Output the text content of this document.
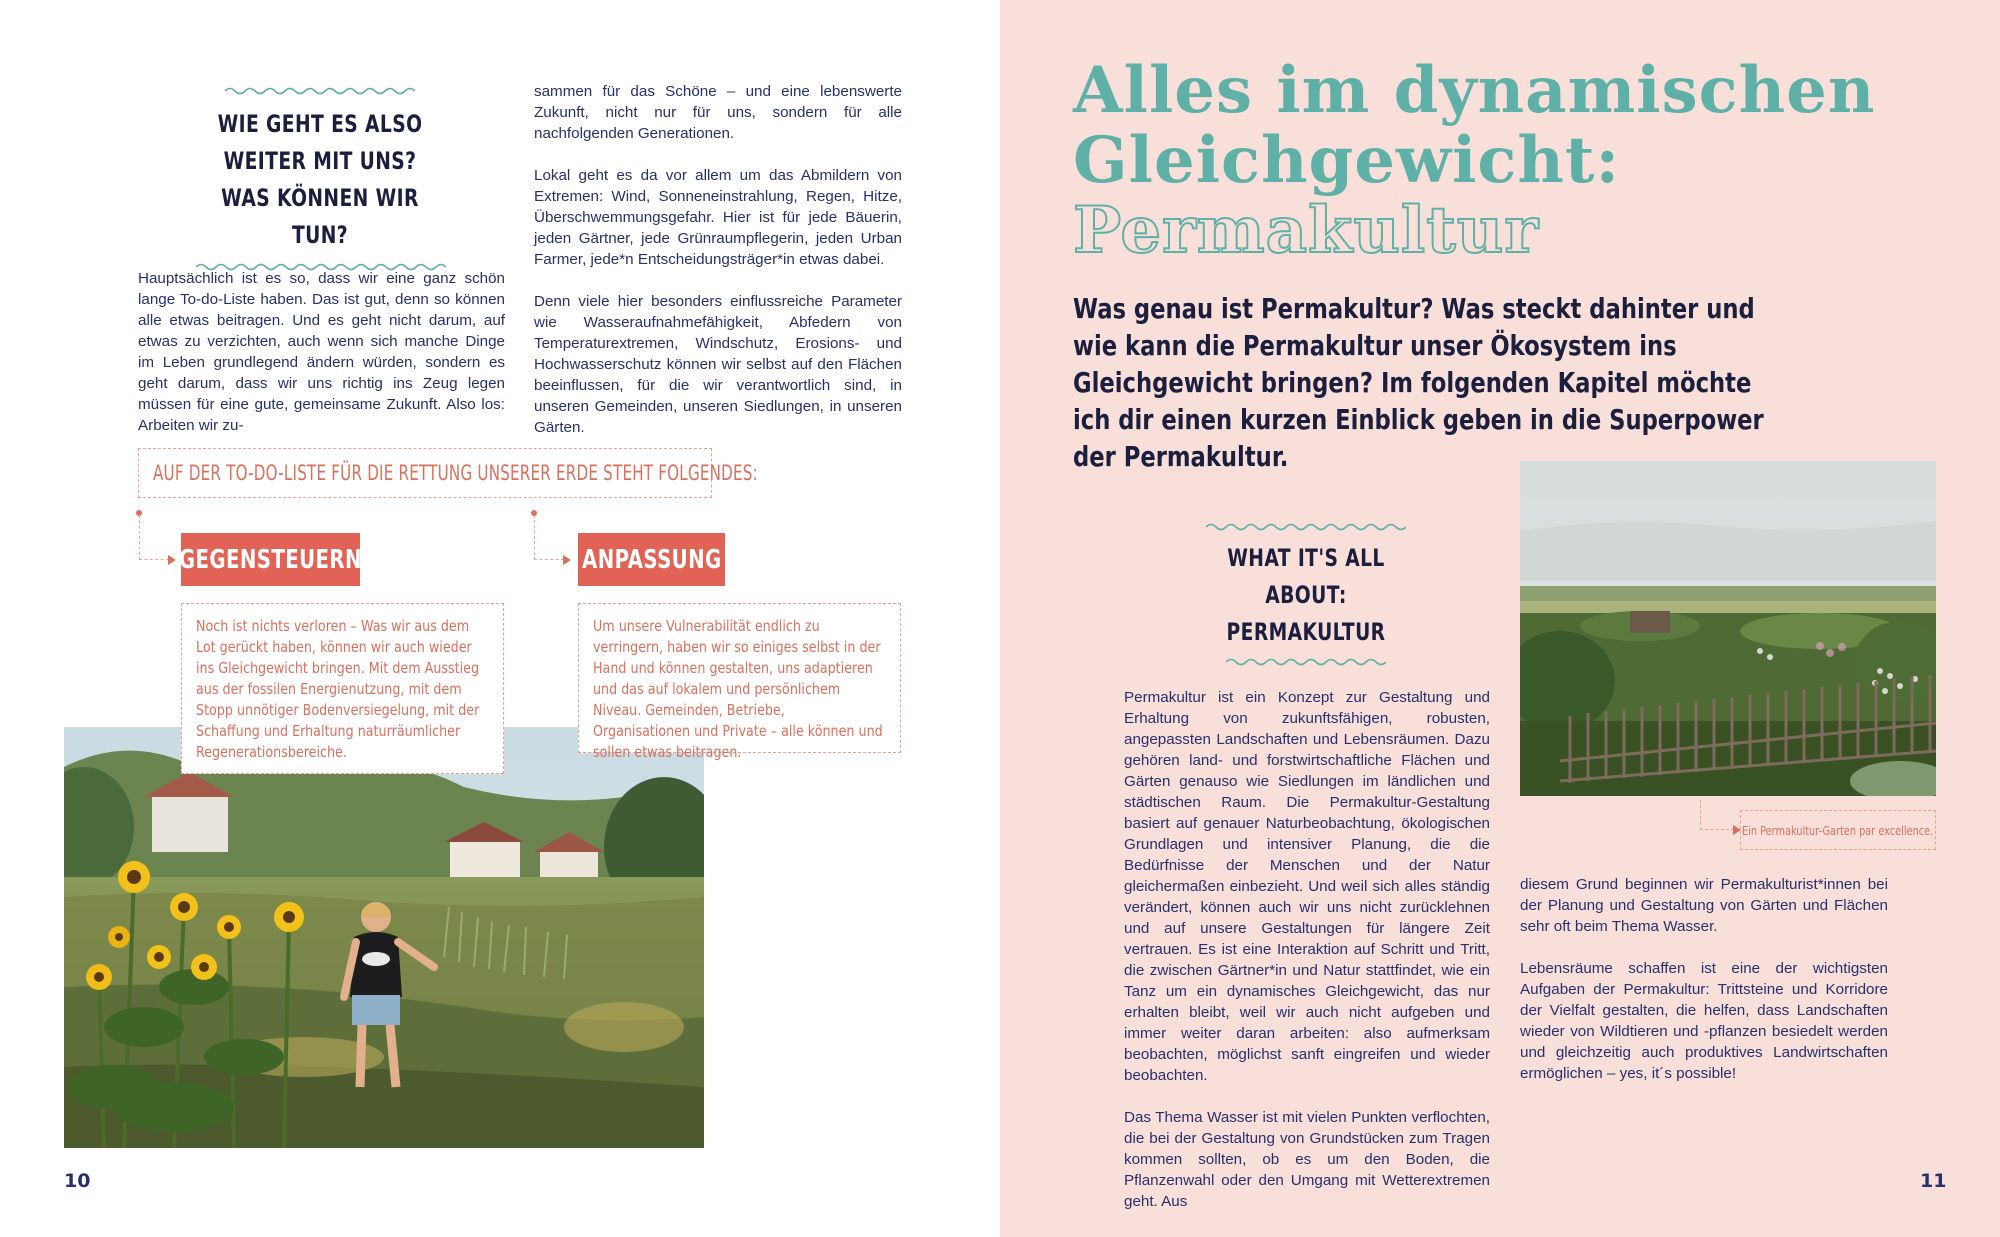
WIE GEHT ES ALSO
WEITER MIT UNS?
WAS KÖNNEN WIR TUN?

Hauptsächlich ist es so, dass wir eine ganz schön lange To-do-Liste haben. Das ist gut, denn so können alle etwas beitragen. Und es geht nicht darum, auf etwas zu verzichten, auch wenn sich manche Dinge im Leben grundlegend ändern würden, sondern es geht darum, dass wir uns richtig ins Zeug legen müssen für eine gute, gemeinsame Zukunft. Also los: Arbeiten wir zu-

sammen für das Schöne – und eine lebenswerte Zukunft, nicht nur für uns, sondern für alle nachfolgenden Generationen.

Lokal geht es da vor allem um das Abmildern von Extremen: Wind, Sonneneinstrahlung, Regen, Hitze, Überschwemmungsgefahr. Hier ist für jede Bäuerin, jeden Gärtner, jede Grünraumpflegerin, jeden Urban Farmer, jede*n Entscheidungsträger*in etwas dabei.

Denn viele hier besonders einflussreiche Parameter wie Wasseraufnahmefähigkeit, Abfedern von Temperaturextremen, Windschutz, Erosions- und Hochwasserschutz können wir selbst auf den Flächen beeinflussen, für die wir verantwortlich sind, in unseren Gemeinden, unseren Siedlungen, in unseren Gärten.

AUF DER TO-DO-LISTE FÜR DIE RETTUNG UNSERER ERDE STEHT FOLGENDES:
GEGENSTEUERN	ANPASSUNG

Noch ist nichts verloren – Was wir aus dem Lot gerückt haben, können wir auch wieder ins Gleichgewicht bringen. Mit dem Ausstieg aus der fossilen Energienutzung, mit dem Stopp unnötiger Bodenversiegelung, mit der Schaffung und Erhaltung naturräumlicher Regenerationsbereiche.

Um unsere Vulnerabilität endlich zu verringern, haben wir so einiges selbst in der Hand und können gestalten, uns adaptieren und das auf lokalem und persönlichem Niveau. Gemeinden, Betriebe, Organisationen und Private – alle können und sollen etwas beitragen.

10	11
Alles im dynamischen
Gleichgewicht:
Permakultur
Was genau ist Permakultur? Was steckt dahinter und wie kann die Permakultur unser Ökosystem ins Gleichgewicht bringen? Im folgenden Kapitel möchte ich dir einen kurzen Einblick geben in die Superpower der Permakultur.
WHAT IT'S ALL ABOUT:
PERMAKULTUR

Permakultur ist ein Konzept zur Gestaltung und Erhaltung von zukunftsfähigen, robusten, angepassten Landschaften und Lebensräumen. Dazu gehören land- und forstwirtschaftliche Flächen und Gärten genauso wie Siedlungen im ländlichen und städtischen Raum. Die Permakultur-Gestaltung basiert auf genauer Naturbeobachtung, ökologischen Grundlagen und intensiver Planung, die die Bedürfnisse der Menschen und der Natur gleichermaßen einbezieht. Und weil sich alles ständig verändert, können auch wir uns nicht zurücklehnen und auf unsere Gestaltungen für längere Zeit vertrauen. Es ist eine Interaktion auf Schritt und Tritt, die zwischen Gärtner*in und Natur stattfindet, wie ein Tanz um ein dynamisches Gleichgewicht, das nur erhalten bleibt, weil wir auch nicht aufgeben und immer weiter daran arbeiten: also aufmerksam beobachten, möglichst sanft eingreifen und wieder beobachten.

Das Thema Wasser ist mit vielen Punkten verflochten, die bei der Gestaltung von Grundstücken zum Tragen kommen sollten, ob es um den Boden, die Pflanzenwahl oder den Umgang mit Wetterextremen geht. Aus

diesem Grund beginnen wir Permakulturist*innen bei der Planung und Gestaltung von Gärten und Flächen sehr oft beim Thema Wasser.

Lebensräume schaffen ist eine der wichtigsten Aufgaben der Permakultur: Trittsteine und Korridore der Vielfalt gestalten, die helfen, dass Landschaften wieder von Wildtieren und -pflanzen besiedelt werden und gleichzeitig auch produktives Landwirtschaften ermöglichen – yes, it´s possible!

Ein Permakultur-Garten par excellence.
